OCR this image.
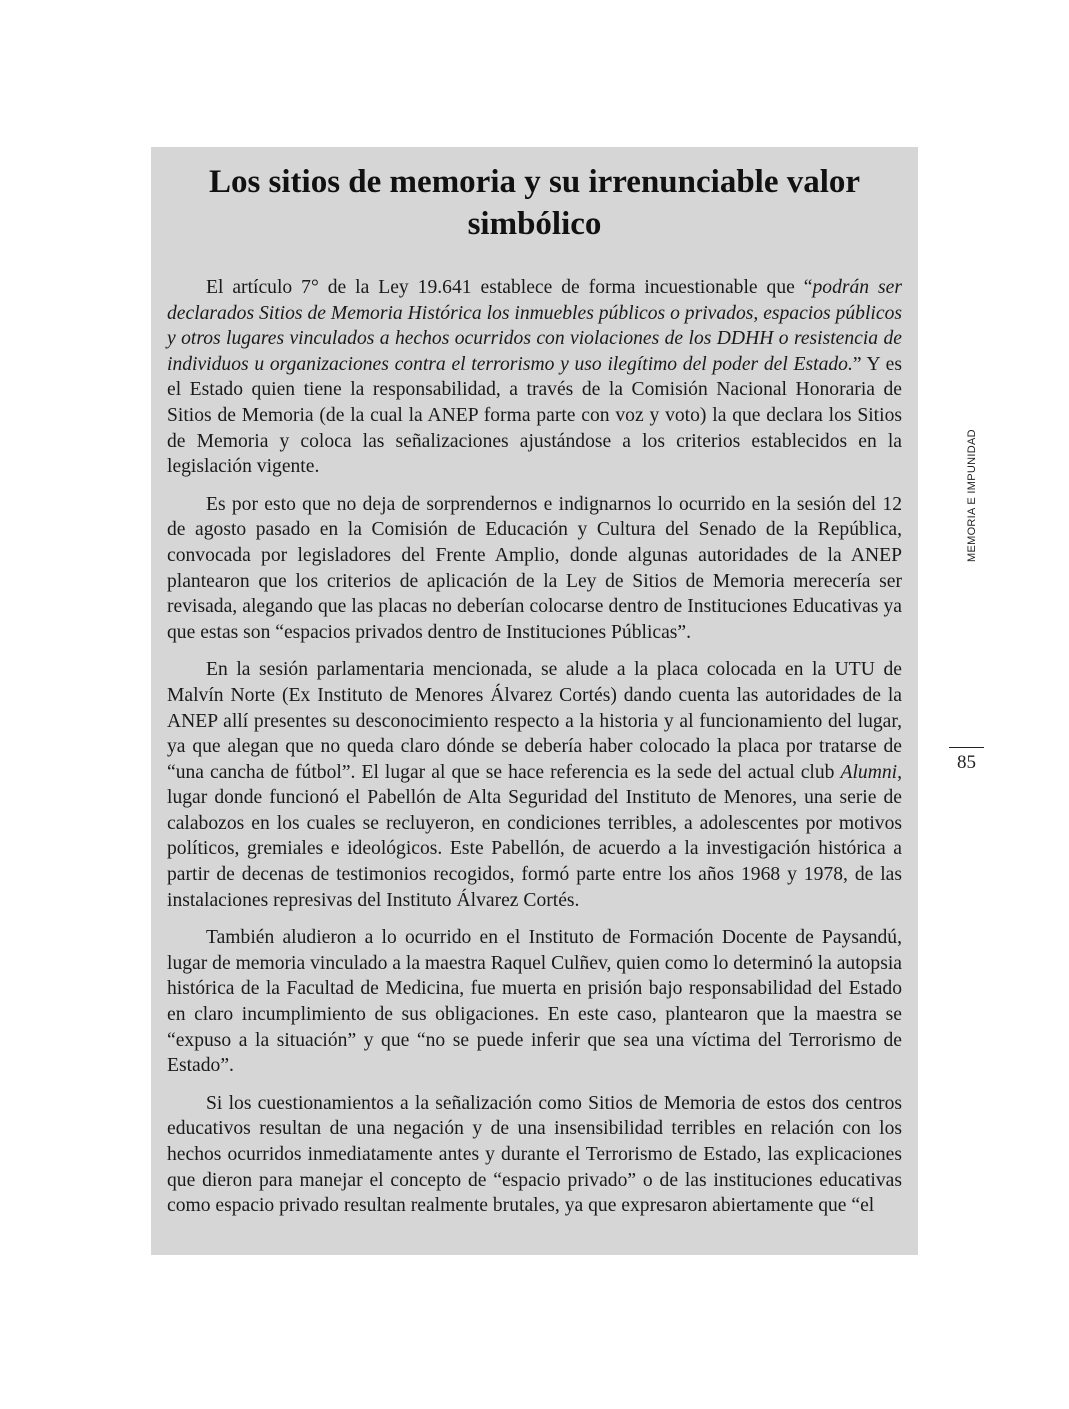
Los sitios de memoria y su irrenunciable valor simbólico

El artículo 7° de la Ley 19.641 establece de forma incuestionable que “podrán ser declarados Sitios de Memoria Histórica los inmuebles públicos o privados, espacios públicos y otros lugares vinculados a hechos ocurridos con violaciones de los DDHH o resistencia de individuos u organizaciones contra el terrorismo y uso ilegítimo del poder del Estado.” Y es el Estado quien tiene la responsabilidad, a través de la Comisión Nacional Honoraria de Sitios de Memoria (de la cual la ANEP forma parte con voz y voto) la que declara los Sitios de Memoria y coloca las señalizaciones ajustándose a los criterios establecidos en la legislación vigente.

Es por esto que no deja de sorprendernos e indignarnos lo ocurrido en la sesión del 12 de agosto pasado en la Comisión de Educación y Cultura del Senado de la República, convocada por legisladores del Frente Amplio, donde algunas autoridades de la ANEP plantearon que los criterios de aplicación de la Ley de Sitios de Memoria merecería ser revisada, alegando que las placas no deberían colocarse dentro de Instituciones Educativas ya que estas son “espacios privados dentro de Instituciones Públicas”.

En la sesión parlamentaria mencionada, se alude a la placa colocada en la UTU de Malvín Norte (Ex Instituto de Menores Álvarez Cortés) dando cuenta las autoridades de la ANEP allí presentes su desconocimiento respecto a la historia y al funcionamiento del lugar, ya que alegan que no queda claro dónde se debería haber colocado la placa por tratarse de “una cancha de fútbol”. El lugar al que se hace referencia es la sede del actual club Alumni, lugar donde funcionó el Pabellón de Alta Seguridad del Instituto de Menores, una serie de calabozos en los cuales se recluyeron, en condiciones terribles, a adolescentes por motivos políticos, gremiales e ideológicos. Este Pabellón, de acuerdo a la investigación histórica a partir de decenas de testimonios recogidos, formó parte entre los años 1968 y 1978, de las instalaciones represivas del Instituto Álvarez Cortés.

También aludieron a lo ocurrido en el Instituto de Formación Docente de Paysandú, lugar de memoria vinculado a la maestra Raquel Culñev, quien como lo determinó la autopsia histórica de la Facultad de Medicina, fue muerta en prisión bajo responsabilidad del Estado en claro incumplimiento de sus obligaciones. En este caso, plantearon que la maestra se “expuso a la situación” y que “no se puede inferir que sea una víctima del Terrorismo de Estado”.

Si los cuestionamientos a la señalización como Sitios de Memoria de estos dos centros educativos resultan de una negación y de una insensibilidad terribles en relación con los hechos ocurridos inmediatamente antes y durante el Terrorismo de Estado, las explicaciones que dieron para manejar el concepto de “espacio privado” o de las instituciones educativas como espacio privado resultan realmente brutales, ya que expresaron abiertamente que “el

MEMORIA E IMPUNIDAD
85
